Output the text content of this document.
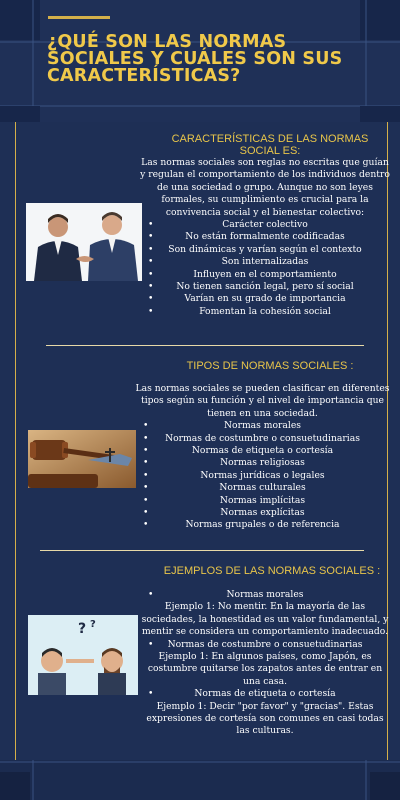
¿QUÉ SON LAS NORMAS SOCIALES Y CUÁLES SON SUS CARACTERÍSTICAS?
CARACTERÍSTICAS DE LAS NORMAS SOCIAL ES:
Las normas sociales son reglas no escritas que guían y regulan el comportamiento de los individuos dentro de una sociedad o grupo. Aunque no son leyes formales, su cumplimiento es crucial para la convivencia social y el bienestar colectivo:
• Carácter colectivo
• No están formalmente codificadas
• Son dinámicas y varían según el contexto
• Son internalizadas
• Influyen en el comportamiento
• No tienen sanción legal, pero sí social
• Varían en su grado de importancia
• Fomentan la cohesión social
TIPOS DE NORMAS SOCIALES :
Las normas sociales se pueden clasificar en diferentes tipos según su función y el nivel de importancia que tienen en una sociedad.
• Normas morales
• Normas de costumbre o consuetudinarias
• Normas de etiqueta o cortesía
• Normas religiosas
• Normas jurídicas o legales
• Normas culturales
• Normas implícitas
• Normas explícitas
• Normas grupales o de referencia
EJEMPLOS DE LAS NORMAS SOCIALES :
• Normas morales
Ejemplo 1: No mentir. En la mayoría de las sociedades, la honestidad es un valor fundamental, y mentir se considera un comportamiento inadecuado.
• Normas de costumbre o consuetudinarias
Ejemplo 1: En algunos países, como Japón, es costumbre quitarse los zapatos antes de entrar en una casa.
• Normas de etiqueta o cortesía
Ejemplo 1: Decir "por favor" y "gracias". Estas expresiones de cortesía son comunes en casi todas las culturas.
? ?
